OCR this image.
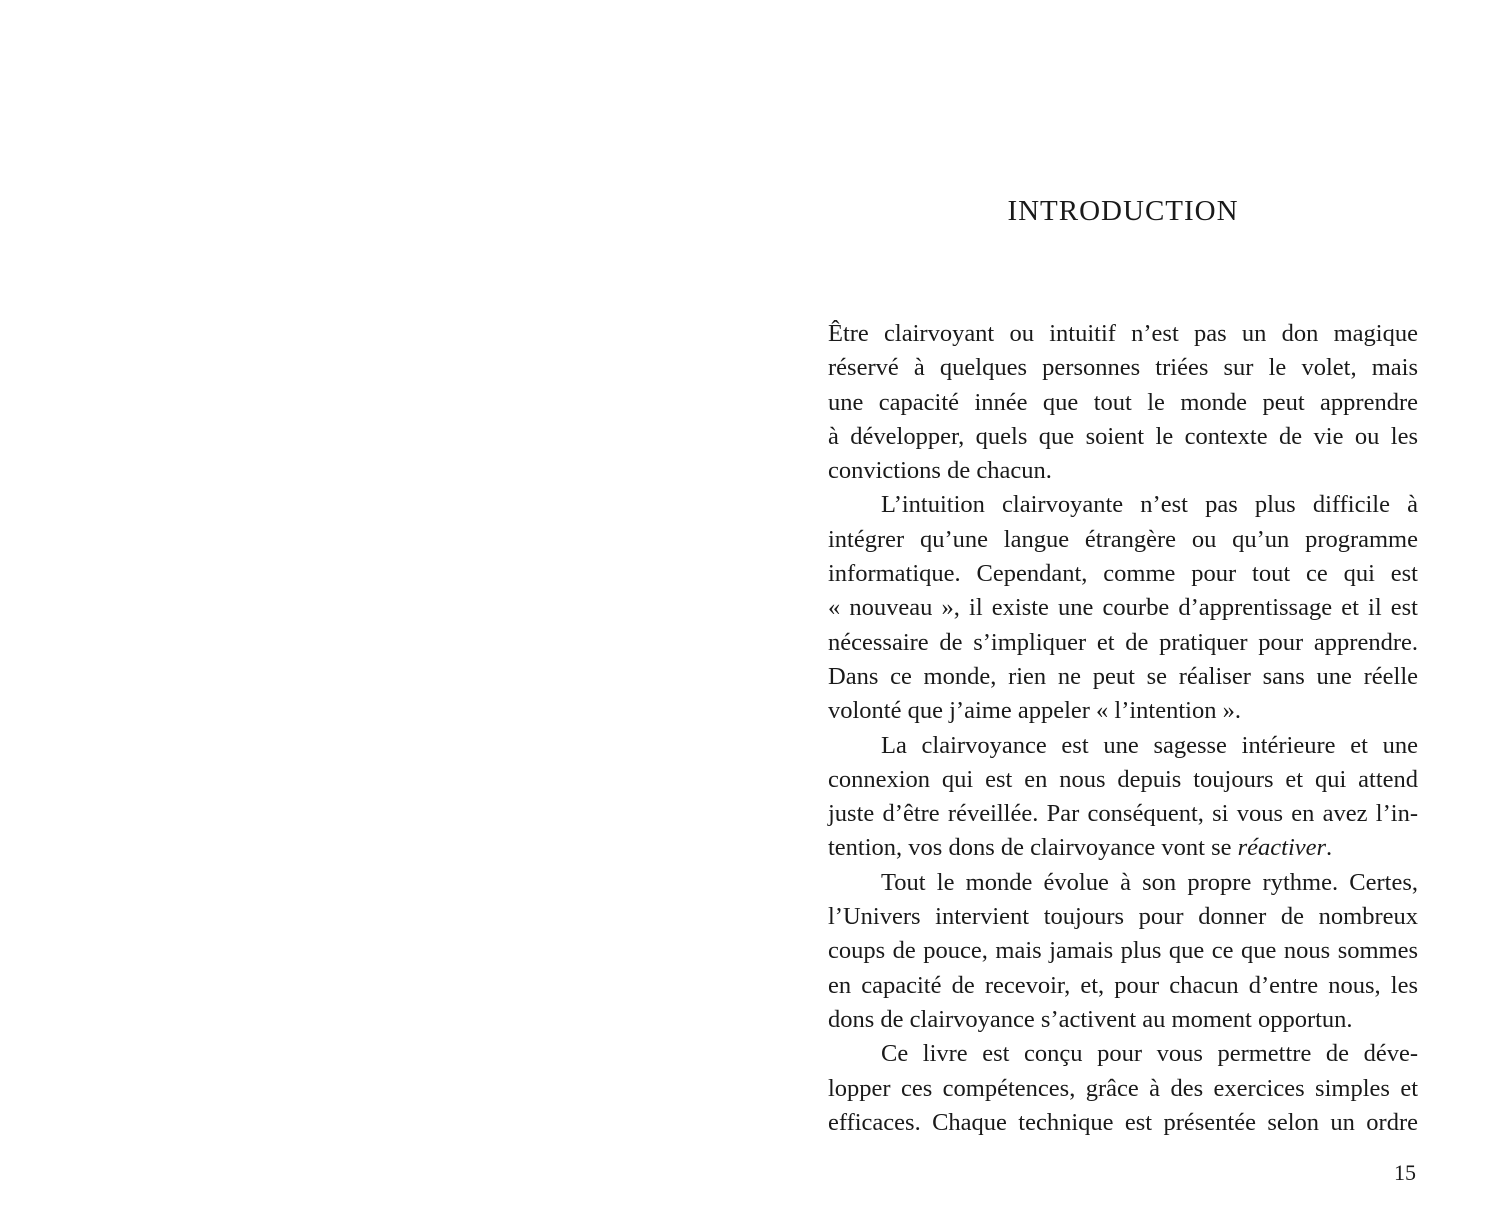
INTRODUCTION

Être clairvoyant ou intuitif n’est pas un don magique
réservé à quelques personnes triées sur le volet, mais
une capacité innée que tout le monde peut apprendre
à développer, quels que soient le contexte de vie ou les
convictions de chacun.

L’intuition clairvoyante n’est pas plus difficile à
intégrer qu’une langue étrangère ou qu’un programme
informatique. Cependant, comme pour tout ce qui est
« nouveau », il existe une courbe d’apprentissage et il est
nécessaire de s’impliquer et de pratiquer pour apprendre.
Dans ce monde, rien ne peut se réaliser sans une réelle
volonté que j’aime appeler « l’intention ».

La clairvoyance est une sagesse intérieure et une
connexion qui est en nous depuis toujours et qui attend
juste d’être réveillée. Par conséquent, si vous en avez l’in-
tention, vos dons de clairvoyance vont se réactiver.

Tout le monde évolue à son propre rythme. Certes,
l’Univers intervient toujours pour donner de nombreux
coups de pouce, mais jamais plus que ce que nous sommes
en capacité de recevoir, et, pour chacun d’entre nous, les
dons de clairvoyance s’activent au moment opportun.

Ce livre est conçu pour vous permettre de déve-
lopper ces compétences, grâce à des exercices simples et
efficaces. Chaque technique est présentée selon un ordre

15
